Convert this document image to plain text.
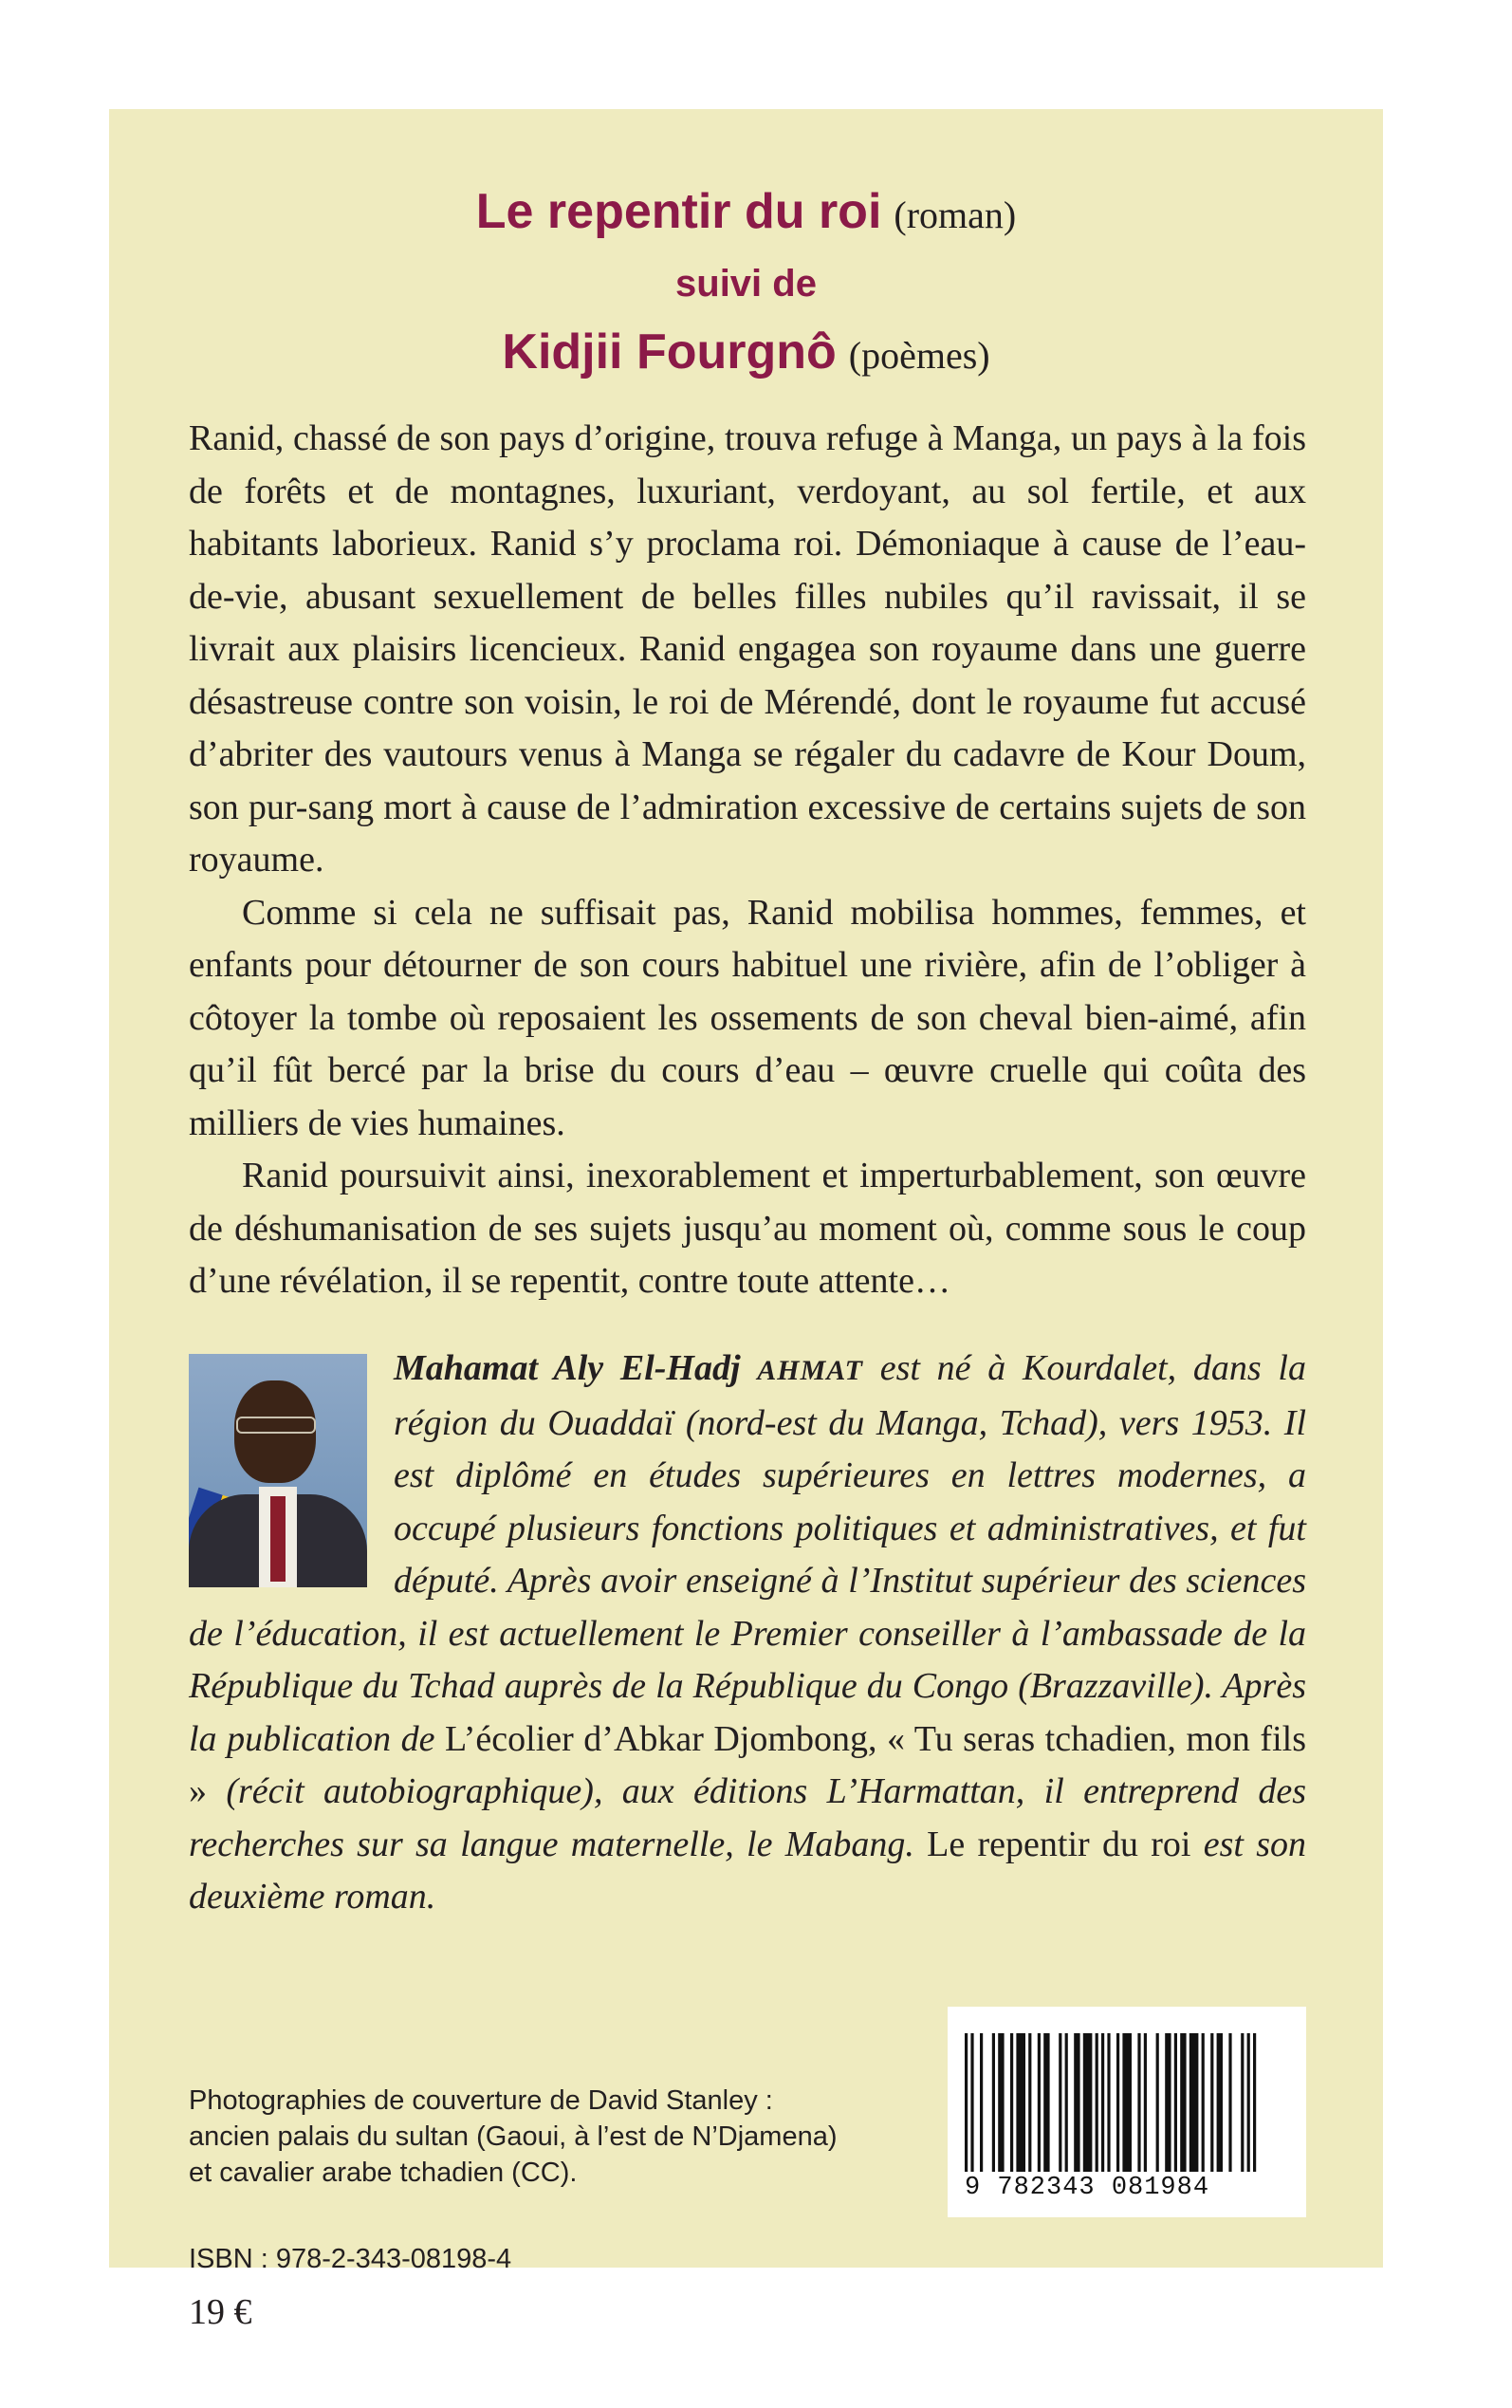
Le repentir du roi (roman)
suivi de
Kidjii Fourgnô (poèmes)

Ranid, chassé de son pays d’origine, trouva refuge à Manga, un pays à la fois de forêts et de montagnes, luxuriant, verdoyant, au sol fertile, et aux habitants laborieux. Ranid s’y proclama roi. Démoniaque à cause de l’eau-de-vie, abusant sexuellement de belles filles nubiles qu’il ravissait, il se livrait aux plaisirs licencieux. Ranid engagea son royaume dans une guerre désastreuse contre son voisin, le roi de Mérendé, dont le royaume fut accusé d’abriter des vautours venus à Manga se régaler du cadavre de Kour Doum, son pur-sang mort à cause de l’admiration excessive de certains sujets de son royaume.

Comme si cela ne suffisait pas, Ranid mobilisa hommes, femmes, et enfants pour détourner de son cours habituel une rivière, afin de l’obliger à côtoyer la tombe où reposaient les ossements de son cheval bien-aimé, afin qu’il fût bercé par la brise du cours d’eau – œuvre cruelle qui coûta des milliers de vies humaines.

Ranid poursuivit ainsi, inexorablement et imperturbablement, son œuvre de déshumanisation de ses sujets jusqu’au moment où, comme sous le coup d’une révélation, il se repentit, contre toute attente…

Mahamat Aly El-Hadj AHMAT est né à Kourdalet, dans la région du Ouaddaï (nord-est du Manga, Tchad), vers 1953. Il est diplômé en études supérieures en lettres modernes, a occupé plusieurs fonctions politiques et administratives, et fut député. Après avoir enseigné à l’Institut supérieur des sciences de l’éducation, il est actuellement le Premier conseiller à l’ambassade de la République du Tchad auprès de la République du Congo (Brazzaville). Après la publication de L’écolier d’Abkar Djombong, « Tu seras tchadien, mon fils » (récit autobiographique), aux éditions L’Harmattan, il entreprend des recherches sur sa langue maternelle, le Mabang. Le repentir du roi est son deuxième roman.

Photographies de couverture de David Stanley :

ancien palais du sultan (Gaoui, à l’est de N’Djamena)

et cavalier arabe tchadien (CC).

ISBN : 978-2-343-08198-4
19 €
9 782343 081984
